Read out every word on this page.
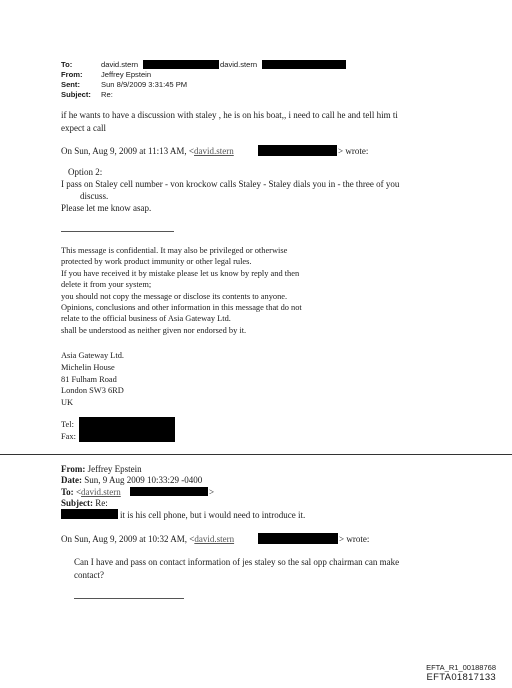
To:	david.stern	david.stern
From: Jeffrey Epstein
Sent:	Sun 8/9/2009 3:31:45 PM
Subject: Re:
if he wants to have a discussion with staley , he is on his boat,, i need to call he and tell him ti
expect a call
On Sun, Aug 9, 2009 at 11:13 AM, <david.stern	> wrote:
Option 2:
I pass on Staley cell number - von krockow calls Staley - Staley dials you in - the three of you
discuss.
Please let me know asap.
This message is confidential. It may also be privileged or otherwise
protected by work product immunity or other legal rules.
If you have received it by mistake please let us know by reply and then
delete it from your system;
you should not copy the message or disclose its contents to anyone.
Opinions, conclusions and other information in this message that do not
relate to the official business of Asia Gateway Ltd.
shall be understood as neither given nor endorsed by it.
Asia Gateway Ltd.
Michelin House
81 Fulham Road
London SW3 6RD
UK
Tel:
Fax:
From: Jeffrey Epstein
Date: Sun, 9 Aug 2009 10:33:29 -0400
To: <david.stern	>
Subject: Re:
it is his cell phone, but i would need to introduce it.
On Sun, Aug 9, 2009 at 10:32 AM, <david.stern	> wrote:
Can I have and pass on contact information of jes staley so the sal opp chairman can make
contact?
EFTA_R1_00188768
EFTA01817133
